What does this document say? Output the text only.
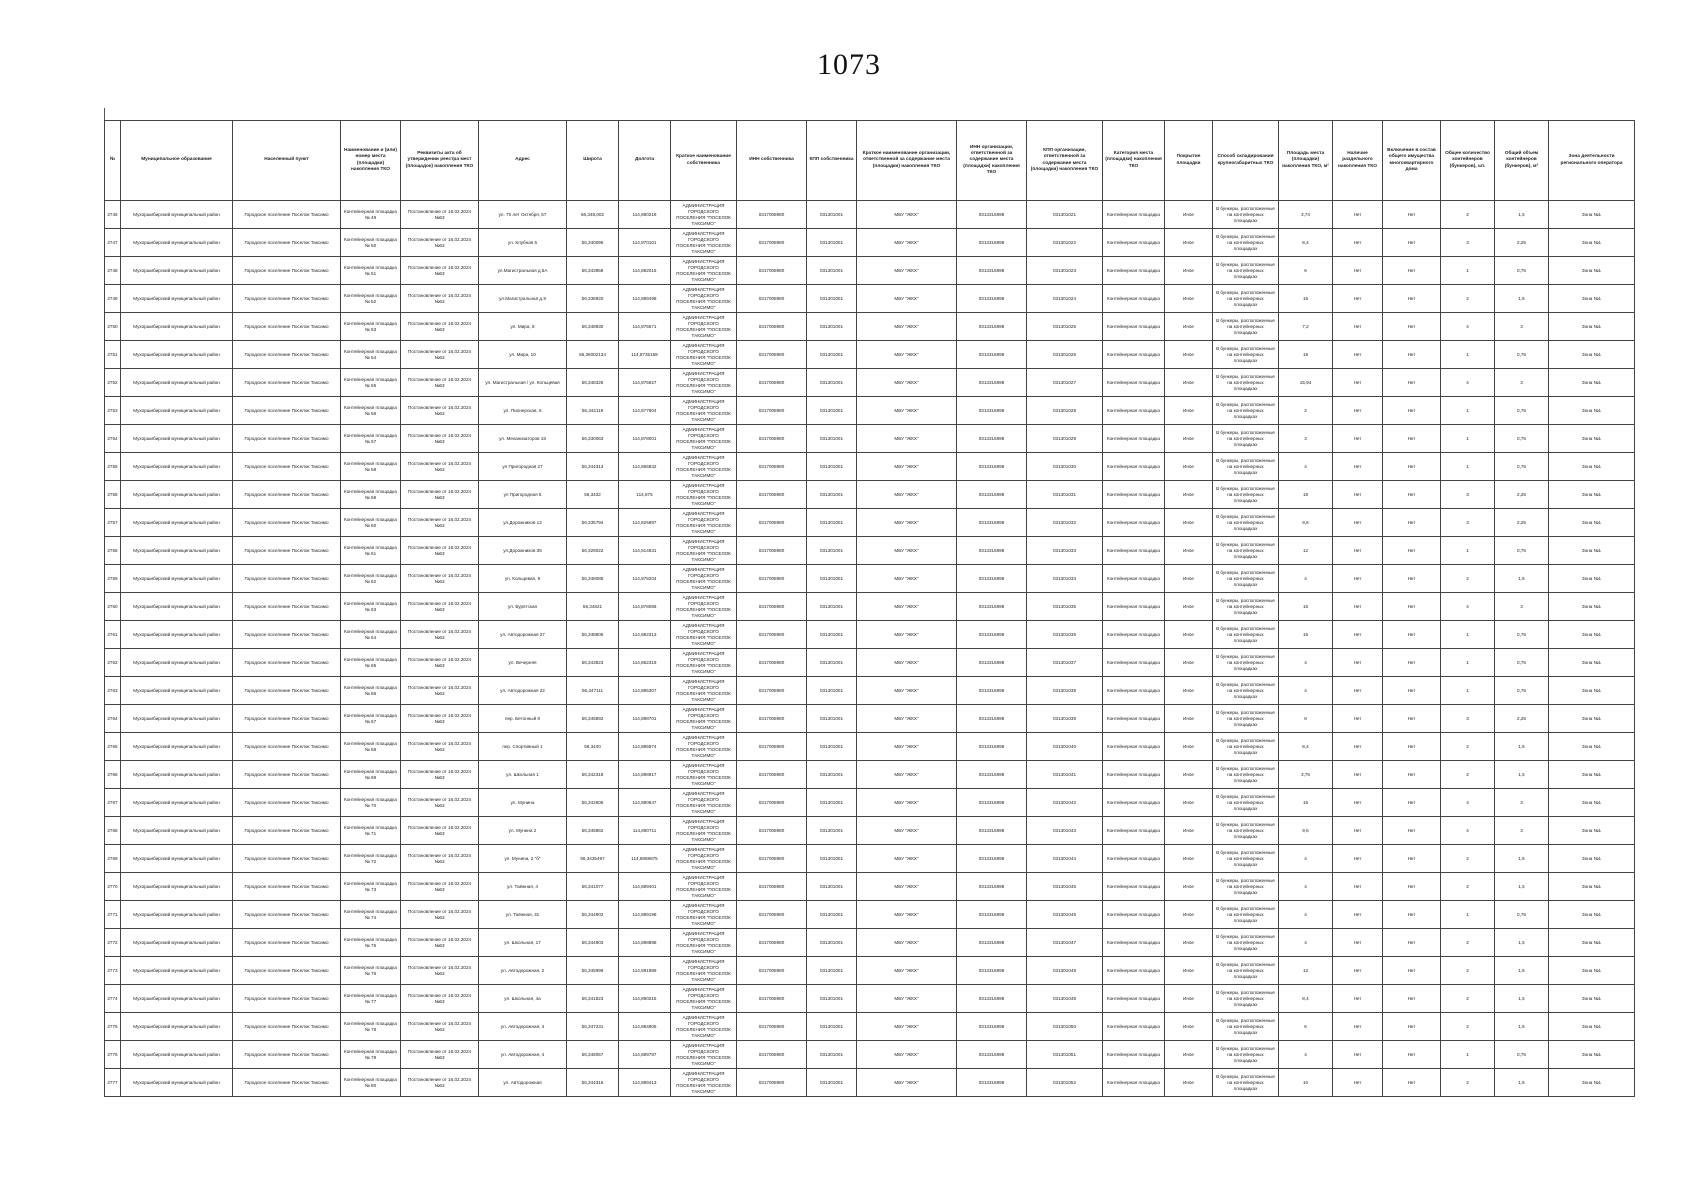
1073
№	Муниципальное образование	Населенный пункт	Наименование и (или) номер места (площадки) накопления ТКО	Реквизиты акта об утверждении реестра мест (площадок) накопления ТКО	Адрес	Широта	Долгота	Краткое наименование собственника	ИНН собственника	КПП собственника	Краткое наименование организации, ответственной за содержание места (площадки) накопления ТКО	ИНН организации, ответственной за содержание места (площадки) накопления ТКО	КПП организации, ответственной за содержание места (площадки) накопления ТКО	Категория места (площадки) накопления ТКО	Покрытие площадки	Способ складирования крупногабаритных ТКО	Площадь места (площадки) накопления ТКО, м²	Наличие раздельного накопления ТКО	Включение в состав общего имущества многоквартирного дома	Общее количество контейнеров (бункеров), шт.	Общий объем контейнеров (бункеров), м³	Зона деятельности регионального оператора
2746	Мухоршибирский муниципальный район	Городское поселение Поселок Таксимо	Контейнерная площадка № 49	Постановление от 16.02.2024 №63	ул. 70 лет Октября, 57	56,348,002	114,880219	АДМИНИСТРАЦИЯ ГОРОДСКОГО ПОСЕЛЕНИЯ "ПОСЕЛОК ТАКСИМО"	0317008980	031301001	МБУ "ЖКХ"	0313316898	031301021	Контейнерная площадка	Иное	В бункеры, расположенные на контейнерных площадках	3,74	Нет	Нет	2	1,5	Зона №1
2747	Мухоршибирский муниципальный район	Городское поселение Поселок Таксимо	Контейнерная площадка № 50	Постановление от 16.02.2024 №63	ул. Клубная 5	56,340096	114,870101	АДМИНИСТРАЦИЯ ГОРОДСКОГО ПОСЕЛЕНИЯ "ПОСЕЛОК ТАКСИМО"	0317008980	031301001	МБУ "ЖКХ"	0313316898	031301022	Контейнерная площадка	Иное	В бункеры, расположенные на контейнерных площадках	8,4	Нет	Нет	3	2,25	Зона №1
2748	Мухоршибирский муниципальный район	Городское поселение Поселок Таксимо	Контейнерная площадка № 51	Постановление от 16.02.2024 №63	ул.Магистральная д.5А	56,343958	114,882015	АДМИНИСТРАЦИЯ ГОРОДСКОГО ПОСЕЛЕНИЯ "ПОСЕЛОК ТАКСИМО"	0317008980	031301001	МБУ "ЖКХ"	0313316898	031301023	Контейнерная площадка	Иное	В бункеры, расположенные на контейнерных площадках	6	Нет	Нет	1	0,75	Зона №1
2749	Мухоршибирский муниципальный район	Городское поселение Поселок Таксимо	Контейнерная площадка № 52	Постановление от 16.02.2024 №63	ул.Магистральная д.9	56,338920	114,889498	АДМИНИСТРАЦИЯ ГОРОДСКОГО ПОСЕЛЕНИЯ "ПОСЕЛОК ТАКСИМО"	0317008980	031301001	МБУ "ЖКХ"	0313316898	031301024	Контейнерная площадка	Иное	В бункеры, расположенные на контейнерных площадках	16	Нет	Нет	2	1,5	Зона №1
2750	Мухоршибирский муниципальный район	Городское поселение Поселок Таксимо	Контейнерная площадка № 53	Постановление от 16.02.2024 №63	ул. Мира, 8	56,348930	114,875671	АДМИНИСТРАЦИЯ ГОРОДСКОГО ПОСЕЛЕНИЯ "ПОСЕЛОК ТАКСИМО"	0317008980	031301001	МБУ "ЖКХ"	0313316898	031301025	Контейнерная площадка	Иное	В бункеры, расположенные на контейнерных площадках	7,2	Нет	Нет	4	3	Зона №1
2751	Мухоршибирский муниципальный район	Городское поселение Поселок Таксимо	Контейнерная площадка № 54	Постановление от 16.02.2024 №63	ул. Мира, 10	56,35002134	114,8735159	АДМИНИСТРАЦИЯ ГОРОДСКОГО ПОСЕЛЕНИЯ "ПОСЕЛОК ТАКСИМО"	0317008980	031301001	МБУ "ЖКХ"	0313316898	031301026	Контейнерная площадка	Иное	В бункеры, расположенные на контейнерных площадках	18	Нет	Нет	1	0,75	Зона №1
2752	Мухоршибирский муниципальный район	Городское поселение Поселок Таксимо	Контейнерная площадка № 55	Постановление от 16.02.2024 №63	ул. Магистральная / ул. Кольцевая	56,348326	114,875927	АДМИНИСТРАЦИЯ ГОРОДСКОГО ПОСЕЛЕНИЯ "ПОСЕЛОК ТАКСИМО"	0317008980	031301001	МБУ "ЖКХ"	0313316898	031301027	Контейнерная площадка	Иное	В бункеры, расположенные на контейнерных площадках	15,94	Нет	Нет	4	3	Зона №1
2753	Мухоршибирский муниципальный район	Городское поселение Поселок Таксимо	Контейнерная площадка № 56	Постановление от 16.02.2024 №63	ул. Пионерская, 6	56,344119	114,877804	АДМИНИСТРАЦИЯ ГОРОДСКОГО ПОСЕЛЕНИЯ "ПОСЕЛОК ТАКСИМО"	0317008980	031301001	МБУ "ЖКХ"	0313316898	031301028	Контейнерная площадка	Иное	В бункеры, расположенные на контейнерных площадках	2	Нет	Нет	1	0,75	Зона №1
2754	Мухоршибирский муниципальный район	Городское поселение Поселок Таксимо	Контейнерная площадка № 57	Постановление от 16.02.2024 №63	ул. Механизаторов 18	56,330063	114,878001	АДМИНИСТРАЦИЯ ГОРОДСКОГО ПОСЕЛЕНИЯ "ПОСЕЛОК ТАКСИМО"	0317008980	031301001	МБУ "ЖКХ"	0313316898	031301029	Контейнерная площадка	Иное	В бункеры, расположенные на контейнерных площадках	3	Нет	Нет	1	0,75	Зона №1
2755	Мухоршибирский муниципальный район	Городское поселение Поселок Таксимо	Контейнерная площадка № 58	Постановление от 16.02.2024 №63	ул Пригородная 27	56,344313	114,865832	АДМИНИСТРАЦИЯ ГОРОДСКОГО ПОСЕЛЕНИЯ "ПОСЕЛОК ТАКСИМО"	0317008980	031301001	МБУ "ЖКХ"	0313316898	031301030	Контейнерная площадка	Иное	В бункеры, расположенные на контейнерных площадках	4	Нет	Нет	1	0,75	Зона №1
2756	Мухоршибирский муниципальный район	Городское поселение Поселок Таксимо	Контейнерная площадка № 59	Постановление от 16.02.2024 №63	ул Пригородная 5	56,3432	114,875	АДМИНИСТРАЦИЯ ГОРОДСКОГО ПОСЕЛЕНИЯ "ПОСЕЛОК ТАКСИМО"	0317008980	031301001	МБУ "ЖКХ"	0313316898	031301031	Контейнерная площадка	Иное	В бункеры, расположенные на контейнерных площадках	18	Нет	Нет	3	2,25	Зона №1
2757	Мухоршибирский муниципальный район	Городское поселение Поселок Таксимо	Контейнерная площадка № 60	Постановление от 16.02.2024 №63	ул.Дорожников 12	56,335794	114,825697	АДМИНИСТРАЦИЯ ГОРОДСКОГО ПОСЕЛЕНИЯ "ПОСЕЛОК ТАКСИМО"	0317008980	031301001	МБУ "ЖКХ"	0313316898	031301032	Контейнерная площадка	Иное	В бункеры, расположенные на контейнерных площадках	9,6	Нет	Нет	3	2,25	Зона №1
2758	Мухоршибирский муниципальный район	Городское поселение Поселок Таксимо	Контейнерная площадка № 61	Постановление от 16.02.2024 №63	ул.Дорожников 35	56,329022	114,914631	АДМИНИСТРАЦИЯ ГОРОДСКОГО ПОСЕЛЕНИЯ "ПОСЕЛОК ТАКСИМО"	0317008980	031301001	МБУ "ЖКХ"	0313316898	031301033	Контейнерная площадка	Иное	В бункеры, расположенные на контейнерных площадках	12	Нет	Нет	1	0,75	Зона №1
2759	Мухоршибирский муниципальный район	Городское поселение Поселок Таксимо	Контейнерная площадка № 62	Постановление от 16.02.2024 №63	ул. Кольцевая, 9	56,348086	114,878204	АДМИНИСТРАЦИЯ ГОРОДСКОГО ПОСЕЛЕНИЯ "ПОСЕЛОК ТАКСИМО"	0317008980	031301001	МБУ "ЖКХ"	0313316898	031301034	Контейнерная площадка	Иное	В бункеры, расположенные на контейнерных площадках	4	Нет	Нет	2	1,5	Зона №1
2760	Мухоршибирский муниципальный район	Городское поселение Поселок Таксимо	Контейнерная площадка № 63	Постановление от 16.02.2024 №63	ул. Бурятская	56,34821	114,878086	АДМИНИСТРАЦИЯ ГОРОДСКОГО ПОСЕЛЕНИЯ "ПОСЕЛОК ТАКСИМО"	0317008980	031301001	МБУ "ЖКХ"	0313316898	031301035	Контейнерная площадка	Иное	В бункеры, расположенные на контейнерных площадках	16	Нет	Нет	4	3	Зона №1
2761	Мухоршибирский муниципальный район	Городское поселение Поселок Таксимо	Контейнерная площадка № 64	Постановление от 16.02.2024 №63	ул. Автодорожная 27	56,348806	114,882313	АДМИНИСТРАЦИЯ ГОРОДСКОГО ПОСЕЛЕНИЯ "ПОСЕЛОК ТАКСИМО"	0317008980	031301001	МБУ "ЖКХ"	0313316898	031301036	Контейнерная площадка	Иное	В бункеры, расположенные на контейнерных площадках	16	Нет	Нет	1	0,75	Зона №1
2762	Мухоршибирский муниципальный район	Городское поселение Поселок Таксимо	Контейнерная площадка № 65	Постановление от 16.02.2024 №63	ул. Вечерняя	56,343823	114,862319	АДМИНИСТРАЦИЯ ГОРОДСКОГО ПОСЕЛЕНИЯ "ПОСЕЛОК ТАКСИМО"	0317008980	031301001	МБУ "ЖКХ"	0313316898	031301037	Контейнерная площадка	Иное	В бункеры, расположенные на контейнерных площадках	4	Нет	Нет	1	0,75	Зона №1
2763	Мухоршибирский муниципальный район	Городское поселение Поселок Таксимо	Контейнерная площадка № 66	Постановление от 16.02.2024 №63	ул. Автодорожная 22	56,347111	114,885307	АДМИНИСТРАЦИЯ ГОРОДСКОГО ПОСЕЛЕНИЯ "ПОСЕЛОК ТАКСИМО"	0317008980	031301001	МБУ "ЖКХ"	0313316898	031301038	Контейнерная площадка	Иное	В бункеры, расположенные на контейнерных площадках	4	Нет	Нет	1	0,75	Зона №1
2764	Мухоршибирский муниципальный район	Городское поселение Поселок Таксимо	Контейнерная площадка № 67	Постановление от 16.02.2024 №63	пер. Бетонный 8	56,345892	114,898701	АДМИНИСТРАЦИЯ ГОРОДСКОГО ПОСЕЛЕНИЯ "ПОСЕЛОК ТАКСИМО"	0317008980	031301001	МБУ "ЖКХ"	0313316898	031301039	Контейнерная площадка	Иное	В бункеры, расположенные на контейнерных площадках	8	Нет	Нет	3	2,25	Зона №1
2765	Мухоршибирский муниципальный район	Городское поселение Поселок Таксимо	Контейнерная площадка № 68	Постановление от 16.02.2024 №63	пер. Спортивный 1	56,3440	114,885974	АДМИНИСТРАЦИЯ ГОРОДСКОГО ПОСЕЛЕНИЯ "ПОСЕЛОК ТАКСИМО"	0317008980	031301001	МБУ "ЖКХ"	0313316898	031301040	Контейнерная площадка	Иное	В бункеры, расположенные на контейнерных площадках	8,4	Нет	Нет	2	1,5	Зона №1
2766	Мухоршибирский муниципальный район	Городское поселение Поселок Таксимо	Контейнерная площадка № 69	Постановление от 16.02.2024 №63	ул. Школьная 1	56,342318	114,888917	АДМИНИСТРАЦИЯ ГОРОДСКОГО ПОСЕЛЕНИЯ "ПОСЕЛОК ТАКСИМО"	0317008980	031301001	МБУ "ЖКХ"	0313316898	031301041	Контейнерная площадка	Иное	В бункеры, расположенные на контейнерных площадках	3,75	Нет	Нет	2	1,5	Зона №1
2767	Мухоршибирский муниципальный район	Городское поселение Поселок Таксимо	Контейнерная площадка № 70	Постановление от 16.02.2024 №63	ул. Мунина	56,342606	114,880847	АДМИНИСТРАЦИЯ ГОРОДСКОГО ПОСЕЛЕНИЯ "ПОСЕЛОК ТАКСИМО"	0317008980	031301001	МБУ "ЖКХ"	0313316898	031301042	Контейнерная площадка	Иное	В бункеры, расположенные на контейнерных площадках	16	Нет	Нет	4	3	Зона №1
2768	Мухоршибирский муниципальный район	Городское поселение Поселок Таксимо	Контейнерная площадка № 71	Постановление от 16.02.2024 №63	ул. Мунина 2	56,345862	114,880711	АДМИНИСТРАЦИЯ ГОРОДСКОГО ПОСЕЛЕНИЯ "ПОСЕЛОК ТАКСИМО"	0317008980	031301001	МБУ "ЖКХ"	0313316898	031301043	Контейнерная площадка	Иное	В бункеры, расположенные на контейнерных площадках	9,6	Нет	Нет	4	3	Зона №1
2769	Мухоршибирский муниципальный район	Городское поселение Поселок Таксимо	Контейнерная площадка № 72	Постановление от 16.02.2024 №63	ул. Мунина, 2 "б"	56,3435497	114,8868875	АДМИНИСТРАЦИЯ ГОРОДСКОГО ПОСЕЛЕНИЯ "ПОСЕЛОК ТАКСИМО"	0317008980	031301001	МБУ "ЖКХ"	0313316898	031301044	Контейнерная площадка	Иное	В бункеры, расположенные на контейнерных площадках	4	Нет	Нет	2	1,5	Зона №1
2770	Мухоршибирский муниципальный район	Городское поселение Поселок Таксимо	Контейнерная площадка № 73	Постановление от 16.02.2024 №63	ул. Таёжная, 4	56,341077	114,889401	АДМИНИСТРАЦИЯ ГОРОДСКОГО ПОСЕЛЕНИЯ "ПОСЕЛОК ТАКСИМО"	0317008980	031301001	МБУ "ЖКХ"	0313316898	031301045	Контейнерная площадка	Иное	В бункеры, расположенные на контейнерных площадках	4	Нет	Нет	2	1,5	Зона №1
2771	Мухоршибирский муниципальный район	Городское поселение Поселок Таксимо	Контейнерная площадка № 74	Постановление от 16.02.2024 №63	ул. Таёжная, 31	56,344902	114,889198	АДМИНИСТРАЦИЯ ГОРОДСКОГО ПОСЕЛЕНИЯ "ПОСЕЛОК ТАКСИМО"	0317008980	031301001	МБУ "ЖКХ"	0313316898	031301046	Контейнерная площадка	Иное	В бункеры, расположенные на контейнерных площадках	4	Нет	Нет	1	0,75	Зона №1
2772	Мухоршибирский муниципальный район	Городское поселение Поселок Таксимо	Контейнерная площадка № 75	Постановление от 16.02.2024 №63	ул. Школьная, 17	56,344903	114,888888	АДМИНИСТРАЦИЯ ГОРОДСКОГО ПОСЕЛЕНИЯ "ПОСЕЛОК ТАКСИМО"	0317008980	031301001	МБУ "ЖКХ"	0313316898	031301047	Контейнерная площадка	Иное	В бункеры, расположенные на контейнерных площадках	4	Нет	Нет	2	1,5	Зона №1
2773	Мухоршибирский муниципальный район	Городское поселение Поселок Таксимо	Контейнерная площадка № 76	Постановление от 16.02.2024 №63	ул. Автодорожная, 2	56,345999	114,891989	АДМИНИСТРАЦИЯ ГОРОДСКОГО ПОСЕЛЕНИЯ "ПОСЕЛОК ТАКСИМО"	0317008980	031301001	МБУ "ЖКХ"	0313316898	031301048	Контейнерная площадка	Иное	В бункеры, расположенные на контейнерных площадках	12	Нет	Нет	2	1,5	Зона №1
2774	Мухоршибирский муниципальный район	Городское поселение Поселок Таксимо	Контейнерная площадка № 77	Постановление от 16.02.2024 №63	ул. Школьная, 4а	56,341823	114,890215	АДМИНИСТРАЦИЯ ГОРОДСКОГО ПОСЕЛЕНИЯ "ПОСЕЛОК ТАКСИМО"	0317008980	031301001	МБУ "ЖКХ"	0313316898	031301049	Контейнерная площадка	Иное	В бункеры, расположенные на контейнерных площадках	8,4	Нет	Нет	2	1,5	Зона №1
2775	Мухоршибирский муниципальный район	Городское поселение Поселок Таксимо	Контейнерная площадка № 78	Постановление от 16.02.2024 №63	ул. Автодорожная, 4	56,347231	114,884905	АДМИНИСТРАЦИЯ ГОРОДСКОГО ПОСЕЛЕНИЯ "ПОСЕЛОК ТАКСИМО"	0317008980	031301001	МБУ "ЖКХ"	0313316898	031301050	Контейнерная площадка	Иное	В бункеры, расположенные на контейнерных площадках	6	Нет	Нет	2	1,5	Зона №1
2776	Мухоршибирский муниципальный район	Городское поселение Поселок Таксимо	Контейнерная площадка № 79	Постановление от 16.02.2024 №63	ул. Автодорожная, 4	56,346057	114,889787	АДМИНИСТРАЦИЯ ГОРОДСКОГО ПОСЕЛЕНИЯ "ПОСЕЛОК ТАКСИМО"	0317008980	031301001	МБУ "ЖКХ"	0313316898	031301051	Контейнерная площадка	Иное	В бункеры, расположенные на контейнерных площадках	4	Нет	Нет	1	0,75	Зона №1
2777	Мухоршибирский муниципальный район	Городское поселение Поселок Таксимо	Контейнерная площадка № 80	Постановление от 16.02.2024 №63	ул. Автодорожная	56,344316	114,889413	АДМИНИСТРАЦИЯ ГОРОДСКОГО ПОСЕЛЕНИЯ "ПОСЕЛОК ТАКСИМО"	0317008980	031301001	МБУ "ЖКХ"	0313316898	031301052	Контейнерная площадка	Иное	В бункеры, расположенные на контейнерных площадках	10	Нет	Нет	2	1,5	Зона №1
